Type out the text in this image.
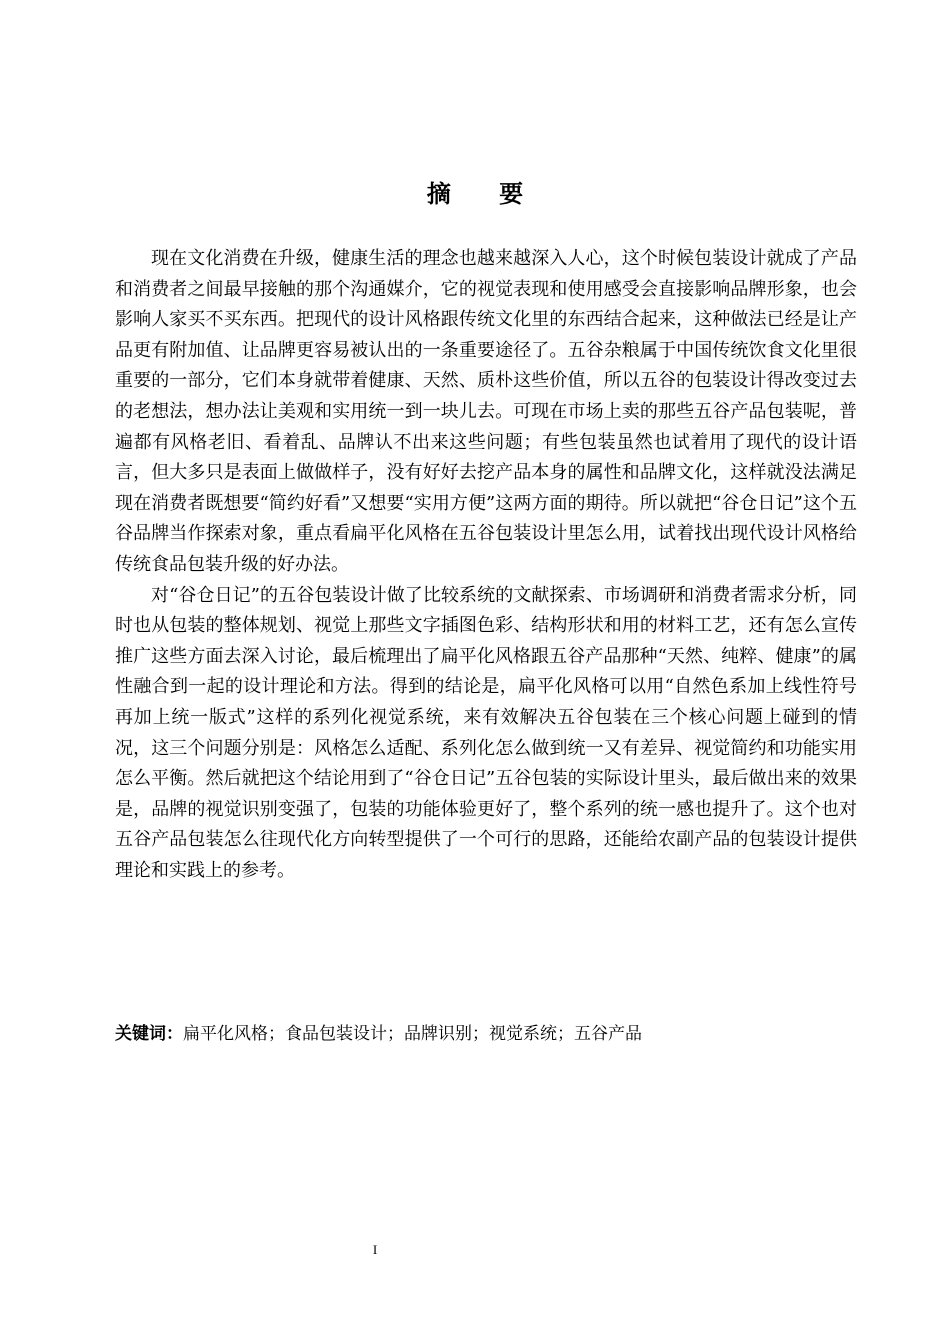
摘 要

现在文化消费在升级，健康生活的理念也越来越深入人心，这个时候包装设计就成了产品和消费者之间最早接触的那个沟通媒介，它的视觉表现和使用感受会直接影响品牌形象，也会影响人家买不买东西。把现代的设计风格跟传统文化里的东西结合起来，这种做法已经是让产品更有附加值、让品牌更容易被认出的一条重要途径了。五谷杂粮属于中国传统饮食文化里很重要的一部分，它们本身就带着健康、天然、质朴这些价值，所以五谷的包装设计得改变过去的老想法，想办法让美观和实用统一到一块儿去。可现在市场上卖的那些五谷产品包装呢，普遍都有风格老旧、看着乱、品牌认不出来这些问题；有些包装虽然也试着用了现代的设计语言，但大多只是表面上做做样子，没有好好去挖产品本身的属性和品牌文化，这样就没法满足现在消费者既想要“简约好看”又想要“实用方便”这两方面的期待。所以就把“谷仓日记”这个五谷品牌当作探索对象，重点看扁平化风格在五谷包装设计里怎么用，试着找出现代设计风格给传统食品包装升级的好办法。

对“谷仓日记”的五谷包装设计做了比较系统的文献探索、市场调研和消费者需求分析，同时也从包装的整体规划、视觉上那些文字插图色彩、结构形状和用的材料工艺，还有怎么宣传推广这些方面去深入讨论，最后梳理出了扁平化风格跟五谷产品那种“天然、纯粹、健康”的属性融合到一起的设计理论和方法。得到的结论是，扁平化风格可以用“自然色系加上线性符号再加上统一版式”这样的系列化视觉系统，来有效解决五谷包装在三个核心问题上碰到的情况，这三个问题分别是：风格怎么适配、系列化怎么做到统一又有差异、视觉简约和功能实用怎么平衡。然后就把这个结论用到了“谷仓日记”五谷包装的实际设计里头，最后做出来的效果是，品牌的视觉识别变强了，包装的功能体验更好了，整个系列的统一感也提升了。这个也对五谷产品包装怎么往现代化方向转型提供了一个可行的思路，还能给农副产品的包装设计提供理论和实践上的参考。

关键词：扁平化风格；食品包装设计；品牌识别；视觉系统；五谷产品
I
